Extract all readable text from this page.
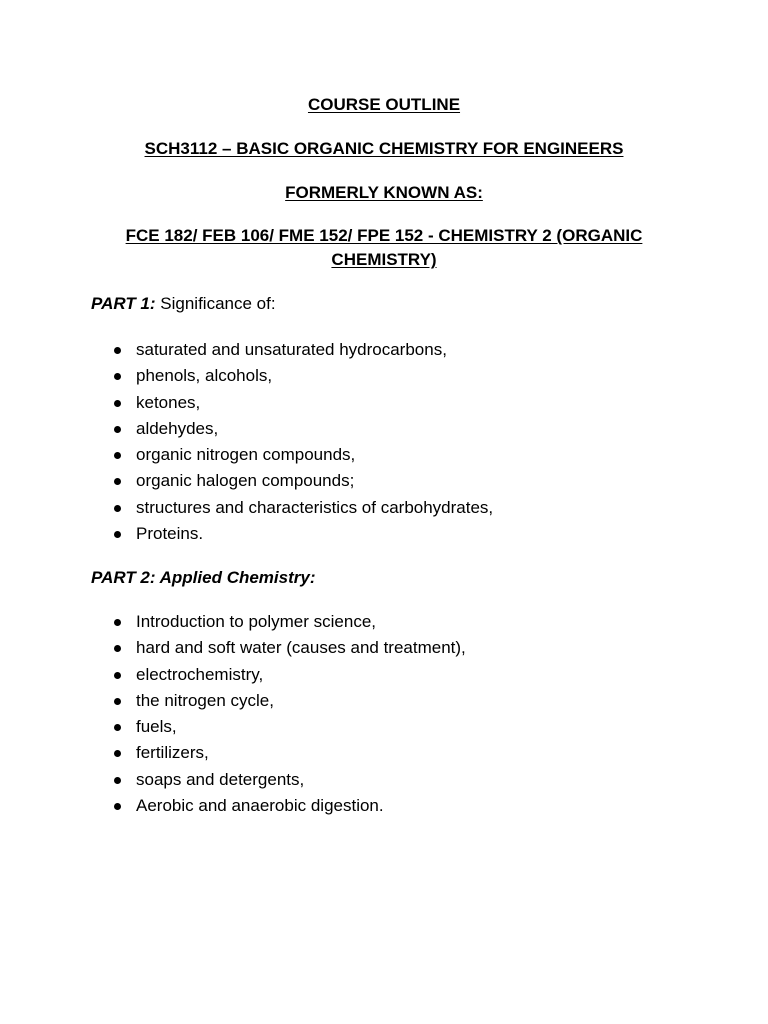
COURSE OUTLINE
SCH3112 – BASIC ORGANIC CHEMISTRY FOR ENGINEERS
FORMERLY KNOWN AS:
FCE 182/ FEB 106/ FME 152/ FPE 152 - CHEMISTRY 2 (ORGANIC CHEMISTRY)

PART 1: Significance of:

saturated and unsaturated hydrocarbons,
phenols, alcohols,
ketones,
aldehydes,
organic nitrogen compounds,
organic halogen compounds;
structures and characteristics of carbohydrates,
Proteins.

PART 2: Applied Chemistry:

Introduction to polymer science,
hard and soft water (causes and treatment),
electrochemistry,
the nitrogen cycle,
fuels,
fertilizers,
soaps and detergents,
Aerobic and anaerobic digestion.
